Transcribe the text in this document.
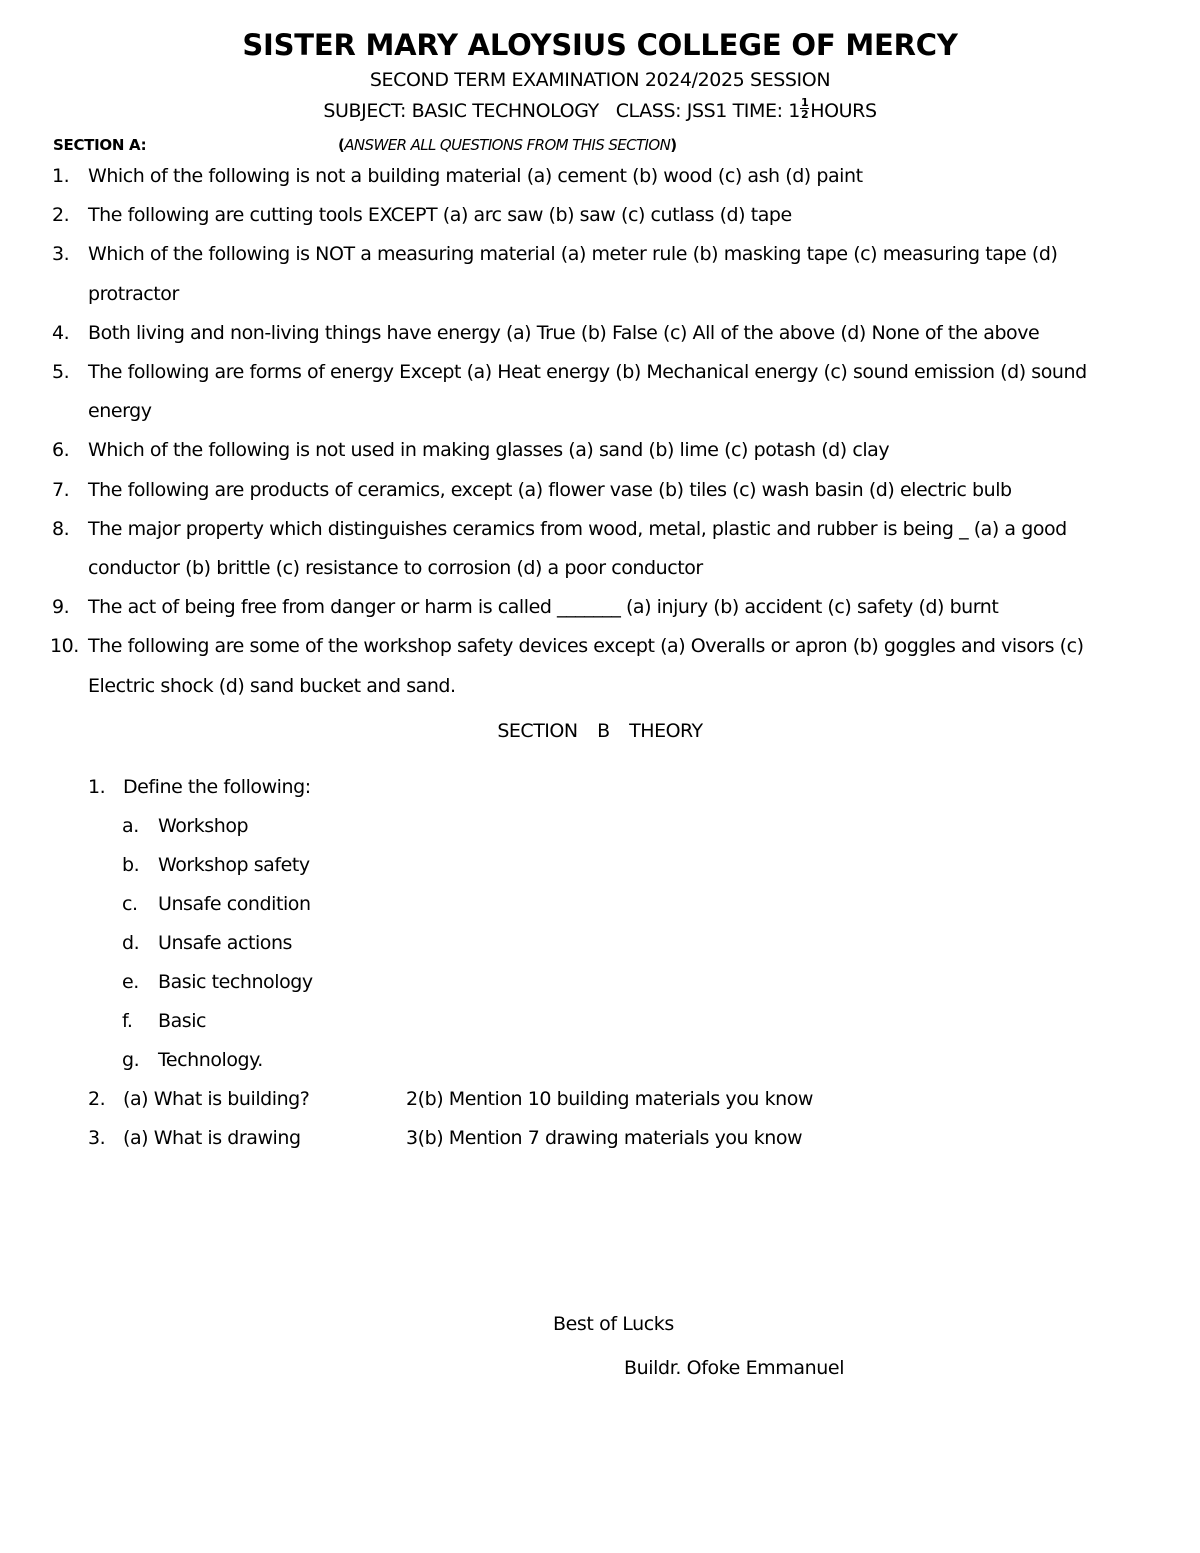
SISTER MARY ALOYSIUS COLLEGE OF MERCY
SECOND TERM EXAMINATION 2024/2025 SESSION
SUBJECT: BASIC TECHNOLOGY   CLASS: JSS1 TIME: $1 \frac{1}{2}$ HOURS
SECTION A:	(ANSWER ALL QUESTIONS FROM THIS SECTION)
1. Which of the following is not a building material (a) cement (b) wood (c) ash (d) paint
2. The following are cutting tools EXCEPT (a) arc saw (b) saw (c) cutlass (d) tape
3. Which of the following is NOT a measuring material (a) meter rule (b) masking tape (c) measuring tape (d)
protractor
4. Both living and non-living things have energy (a) True (b) False (c) All of the above (d) None of the above
5. The following are forms of energy Except (a) Heat energy (b) Mechanical energy (c) sound emission (d) sound
energy
6. Which of the following is not used in making glasses (a) sand (b) lime (c) potash (d) clay
7. The following are products of ceramics, except (a) flower vase (b) tiles (c) wash basin (d) electric bulb
8. The major property which distinguishes ceramics from wood, metal, plastic and rubber is being _ (a) a good
conductor (b) brittle (c) resistance to corrosion (d) a poor conductor
9. The act of being free from danger or harm is called _______ (a) injury (b) accident (c) safety (d) burnt
10. The following are some of the workshop safety devices except (a) Overalls or apron (b) goggles and visors (c)
Electric shock (d) sand bucket and sand.
SECTION B THEORY
1. Define the following:
a. Workshop
b. Workshop safety
c. Unsafe condition
d. Unsafe actions
e. Basic technology
f. Basic
g. Technology.
2. (a) What is building?	2(b) Mention 10 building materials you know
3. (a) What is drawing	3(b) Mention 7 drawing materials you know
Best of Lucks
Buildr. Ofoke Emmanuel
